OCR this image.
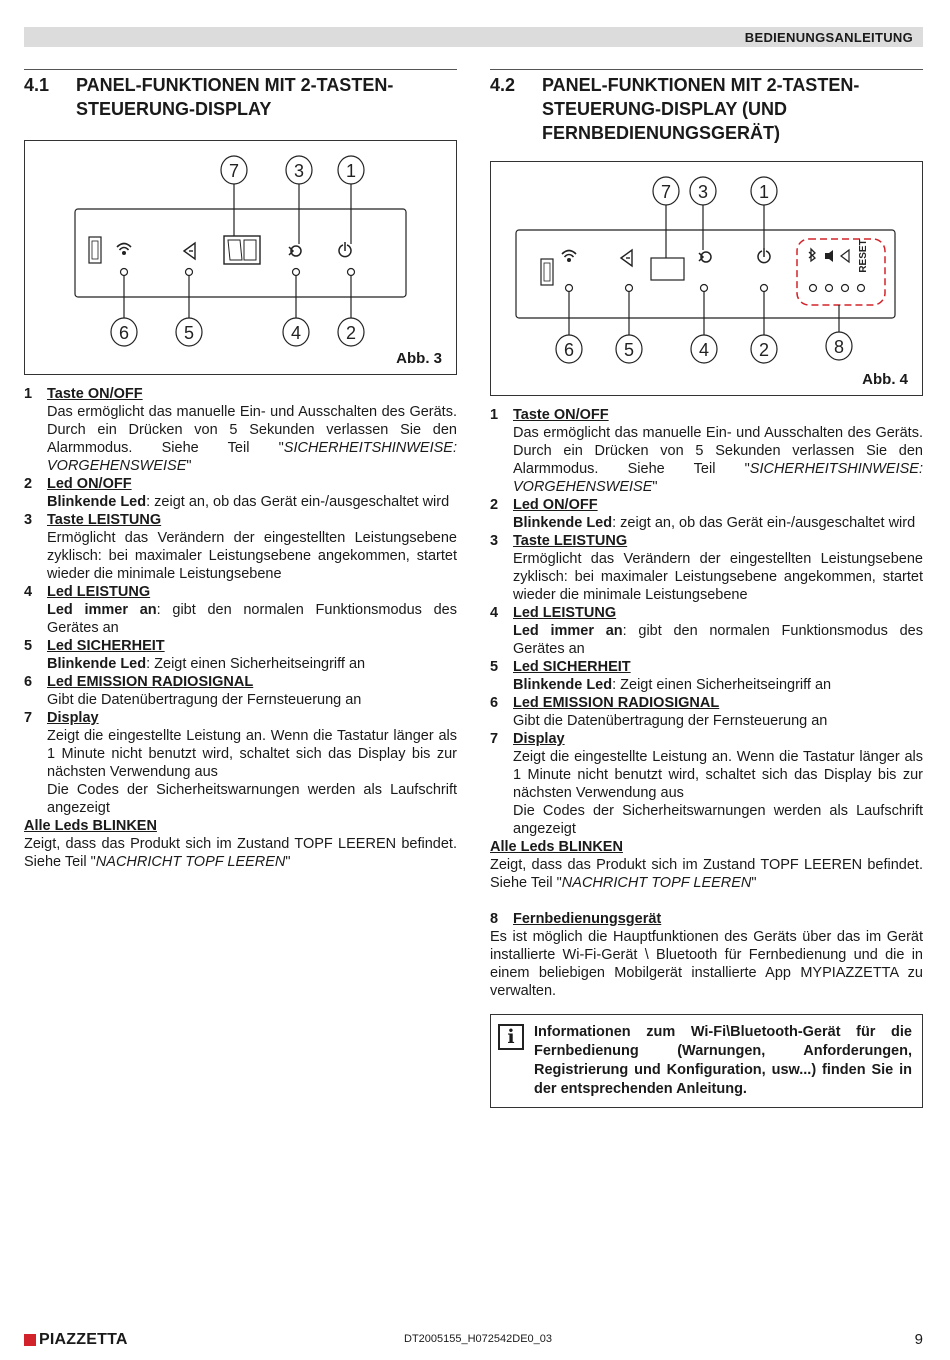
BEDIENUNGSANLEITUNG
4.1	PANEL-FUNKTIONEN MIT 2-TASTEN-STEUERUNG-DISPLAY
7	3 1
6	5	4 2
Abb. 3
1	Taste ON/OFF
Das ermöglicht das manuelle Ein- und Ausschalten des Geräts. Durch ein Drücken von 5 Sekunden verlassen Sie den Alarmmodus. Siehe Teil "SICHERHEITSHINWEISE: VORGEHENSWEISE"
2	Led ON/OFF
Blinkende Led: zeigt an, ob das Gerät ein-/ausgeschaltet wird
3	Taste LEISTUNG
Ermöglicht das Verändern der eingestellten Leistungsebene zyklisch: bei maximaler Leistungsebene angekommen, startet wieder die minimale Leistungsebene
4	Led LEISTUNG
Led immer an: gibt den normalen Funktionsmodus des Gerätes an
5	Led SICHERHEIT
Blinkende Led: Zeigt einen Sicherheitseingriff an
6	Led EMISSION RADIOSIGNAL
Gibt die Datenübertragung der Fernsteuerung an
7	Display
Zeigt die eingestellte Leistung an. Wenn die Tastatur länger als 1 Minute nicht benutzt wird, schaltet sich das Display bis zur nächsten Verwendung aus
Die Codes der Sicherheitswarnungen werden als Laufschrift angezeigt
Alle Leds BLINKEN
Zeigt, dass das Produkt sich im Zustand TOPF LEEREN befindet. Siehe Teil "NACHRICHT TOPF LEEREN"
4.2	PANEL-FUNKTIONEN MIT 2-TASTEN-STEUERUNG-DISPLAY (UND FERNBEDIENUNGSGERÄT)
RESET
7 3	1
6	5	4	2	8
Abb. 4
1	Taste ON/OFF
Das ermöglicht das manuelle Ein- und Ausschalten des Geräts. Durch ein Drücken von 5 Sekunden verlassen Sie den Alarmmodus. Siehe Teil "SICHERHEITSHINWEISE: VORGEHENSWEISE"
2	Led ON/OFF
Blinkende Led: zeigt an, ob das Gerät ein-/ausgeschaltet wird
3	Taste LEISTUNG
Ermöglicht das Verändern der eingestellten Leistungsebene zyklisch: bei maximaler Leistungsebene angekommen, startet wieder die minimale Leistungsebene
4	Led LEISTUNG
Led immer an: gibt den normalen Funktionsmodus des Gerätes an
5	Led SICHERHEIT
Blinkende Led: Zeigt einen Sicherheitseingriff an
6	Led EMISSION RADIOSIGNAL
Gibt die Datenübertragung der Fernsteuerung an
7	Display
Zeigt die eingestellte Leistung an. Wenn die Tastatur länger als 1 Minute nicht benutzt wird, schaltet sich das Display bis zur nächsten Verwendung aus
Die Codes der Sicherheitswarnungen werden als Laufschrift angezeigt
Alle Leds BLINKEN
Zeigt, dass das Produkt sich im Zustand TOPF LEEREN befindet. Siehe Teil "NACHRICHT TOPF LEEREN"
8	Fernbedienungsgerät
Es ist möglich die Hauptfunktionen des Geräts über das im Gerät installierte Wi-Fi-Gerät \ Bluetooth für Fernbedienung und die in einem beliebigen Mobilgerät installierte App MYPIAZZETTA zu verwalten.
i	Informationen zum Wi-Fi\Bluetooth-Gerät für die Fernbedienung (Warnungen, Anforderungen, Registrierung und Konfiguration, usw...) finden Sie in der entsprechenden Anleitung.
PIAZZETTA	DT2005155_H072542DE0_03	9
